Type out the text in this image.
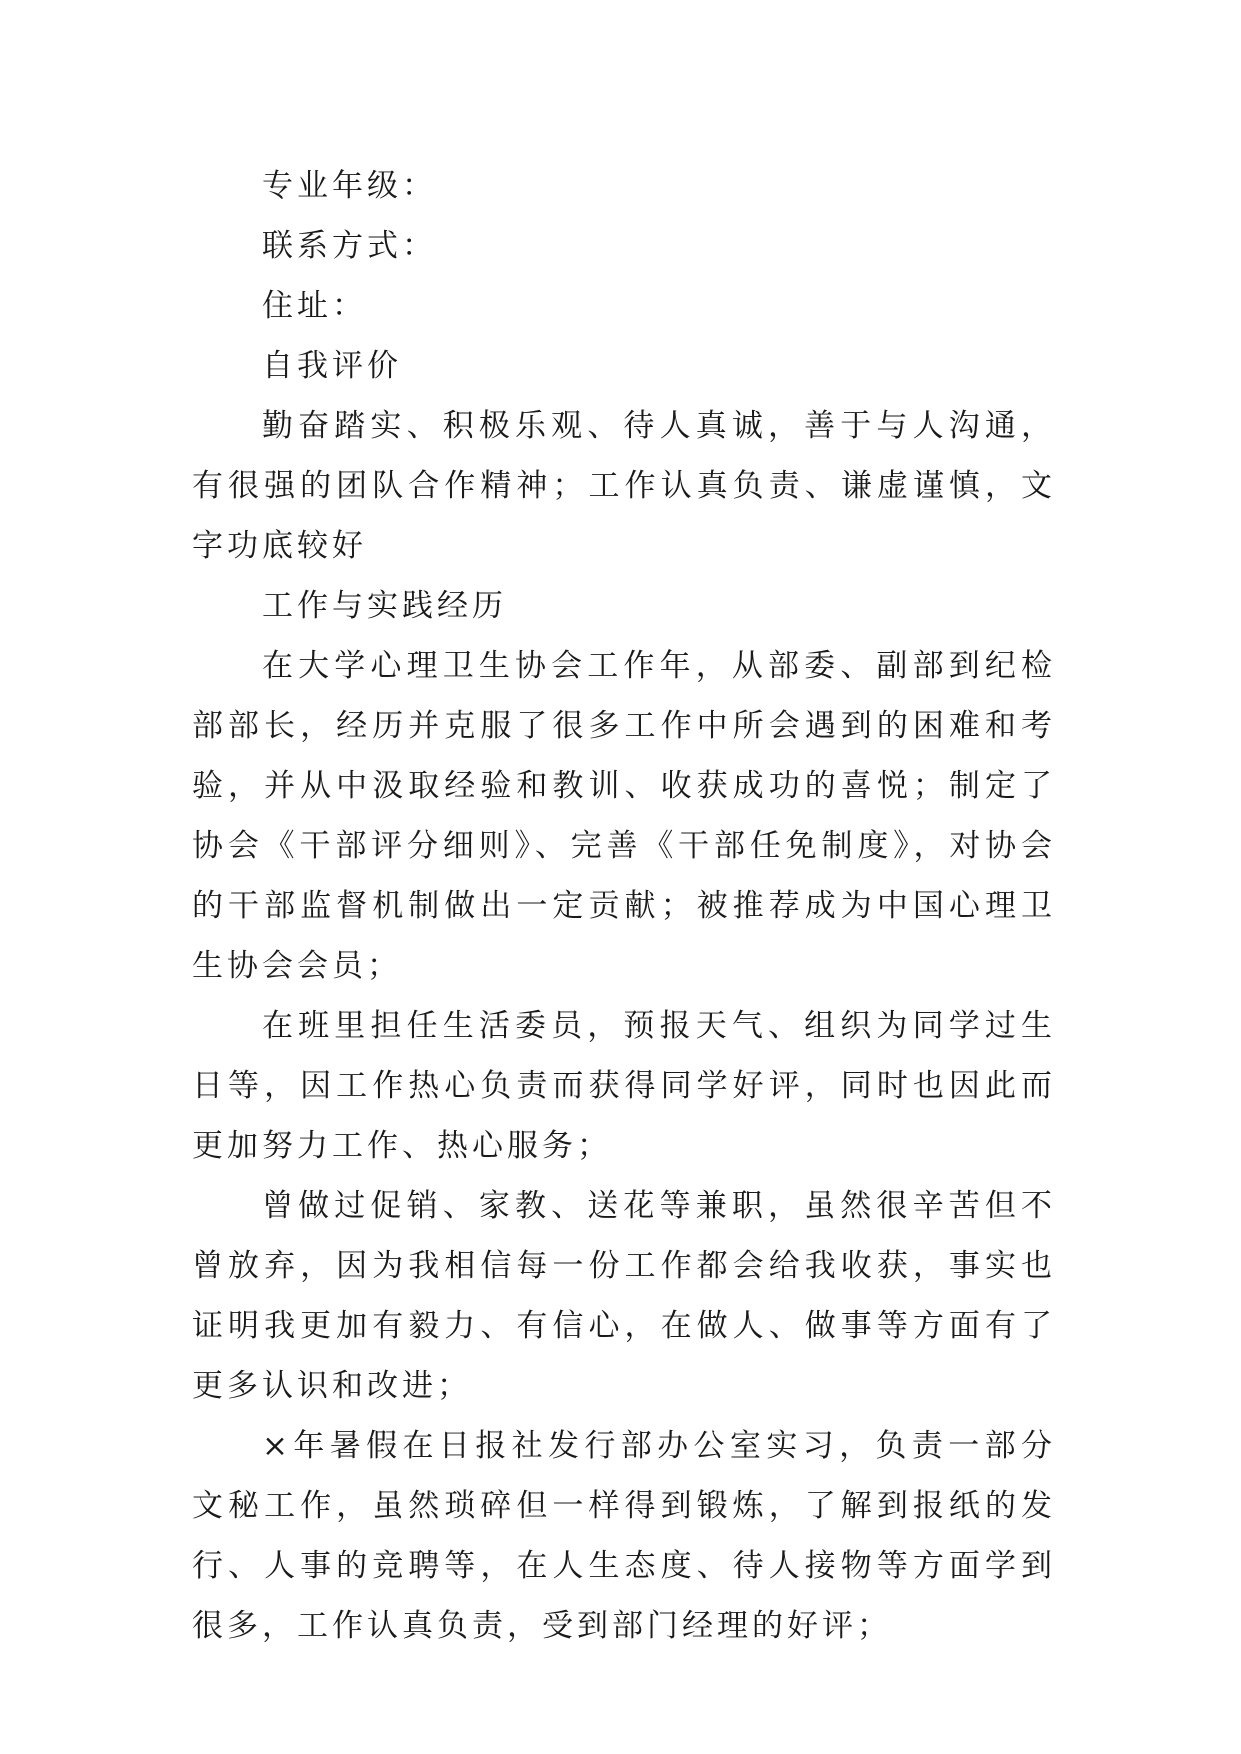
专业年级：

联系方式：

住址：

自我评价

勤奋踏实、积极乐观、待人真诚，善于与人沟通，有很强的团队合作精神；工作认真负责、谦虚谨慎，文字功底较好

工作与实践经历

在大学心理卫生协会工作年，从部委、副部到纪检部部长，经历并克服了很多工作中所会遇到的困难和考验，并从中汲取经验和教训、收获成功的喜悦；制定了协会《干部评分细则》、完善《干部任免制度》，对协会的干部监督机制做出一定贡献；被推荐成为中国心理卫生协会会员；

在班里担任生活委员，预报天气、组织为同学过生日等，因工作热心负责而获得同学好评，同时也因此而更加努力工作、热心服务；

曾做过促销、家教、送花等兼职，虽然很辛苦但不曾放弃，因为我相信每一份工作都会给我收获，事实也证明我更加有毅力、有信心，在做人、做事等方面有了更多认识和改进；

×年暑假在日报社发行部办公室实习，负责一部分文秘工作，虽然琐碎但一样得到锻炼，了解到报纸的发行、人事的竞聘等，在人生态度、待人接物等方面学到很多，工作认真负责，受到部门经理的好评；
